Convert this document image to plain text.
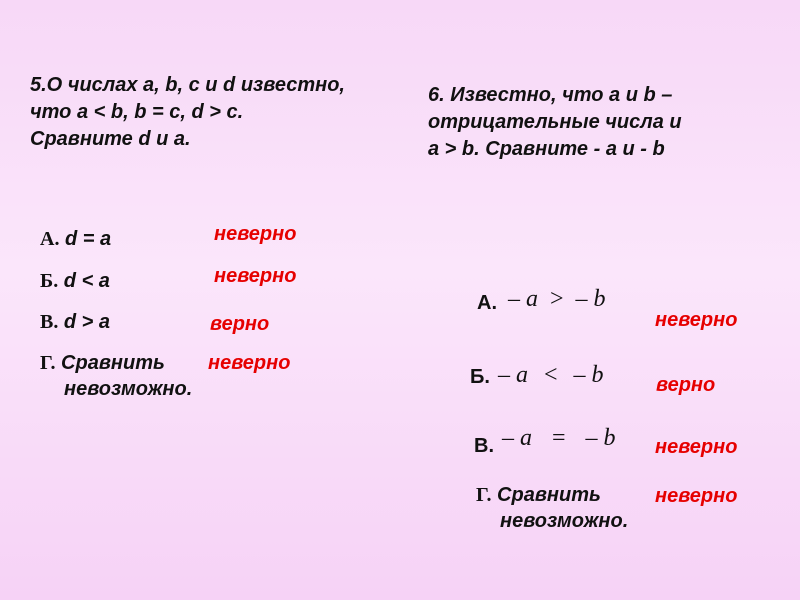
5.О числах a, b, c и d известно,
что a < b, b = c, d > c.
Сравните d и a.
6. Известно, что a и b –
отрицательные числа и
a > b. Сравните - a и - b
А. d = a	неверно
Б. d < a	неверно
В. d > a	верно
Г. Сравнить
невозможно.
неверно
А. – a > – b
неверно
Б. – a < – b	верно
В. – a = – b неверно
Г. Сравнить
невозможно.
неверно
